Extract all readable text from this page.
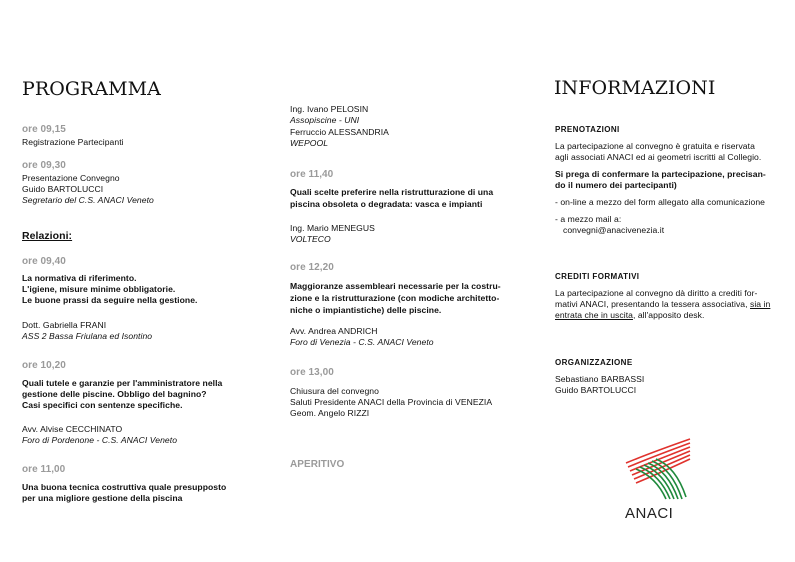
PROGRAMMA
ore 09,15
Registrazione Partecipanti
ore 09,30
Presentazione Convegno
Guido BARTOLUCCI
Segretario del C.S. ANACI Veneto
Relazioni:
ore 09,40
La normativa di riferimento.
L'igiene, misure minime obbligatorie.
Le buone prassi da seguire nella gestione.
Dott. Gabriella FRANI
ASS 2 Bassa Friulana ed Isontino
ore 10,20
Quali tutele e garanzie per l'amministratore nella
gestione delle piscine. Obbligo del bagnino?
Casi specifici con sentenze specifiche.
Avv. Alvise CECCHINATO
Foro di Pordenone - C.S. ANACI Veneto
ore 11,00
Una buona tecnica costruttiva quale presupposto
per una migliore gestione della piscina
Ing. Ivano PELOSIN
Assopiscine - UNI
Ferruccio ALESSANDRIA
WEPOOL
ore 11,40
Quali scelte preferire nella ristrutturazione di una
piscina obsoleta o degradata: vasca e impianti
Ing. Mario MENEGUS
VOLTECO
ore 12,20
Maggioranze assembleari necessarie per la costru-
zione e la ristrutturazione (con modiche architetto-
niche o impiantistiche) delle piscine.
Avv. Andrea ANDRICH
Foro di Venezia - C.S. ANACI Veneto
ore 13,00
Chiusura del convegno
Saluti Presidente ANACI della Provincia di VENEZIA
Geom. Angelo RIZZI
APERITIVO
INFORMAZIONI
PRENOTAZIONI
La partecipazione al convegno è gratuita e riservata
agli associati ANACI ed ai geometri iscritti al Collegio.
Si prega di confermare la partecipazione, precisan-
do il numero dei partecipanti)
- on-line a mezzo del form allegato alla comunicazione
- a mezzo mail a:
convegni@anacivenezia.it
CREDITI FORMATIVI
La partecipazione al convegno dà diritto a crediti for-
mativi ANACI, presentando la tessera associativa, sia in
entrata che in uscita, all'apposito desk.
ORGANIZZAZIONE
Sebastiano BARBASSI
Guido BARTOLUCCI
ANACI
